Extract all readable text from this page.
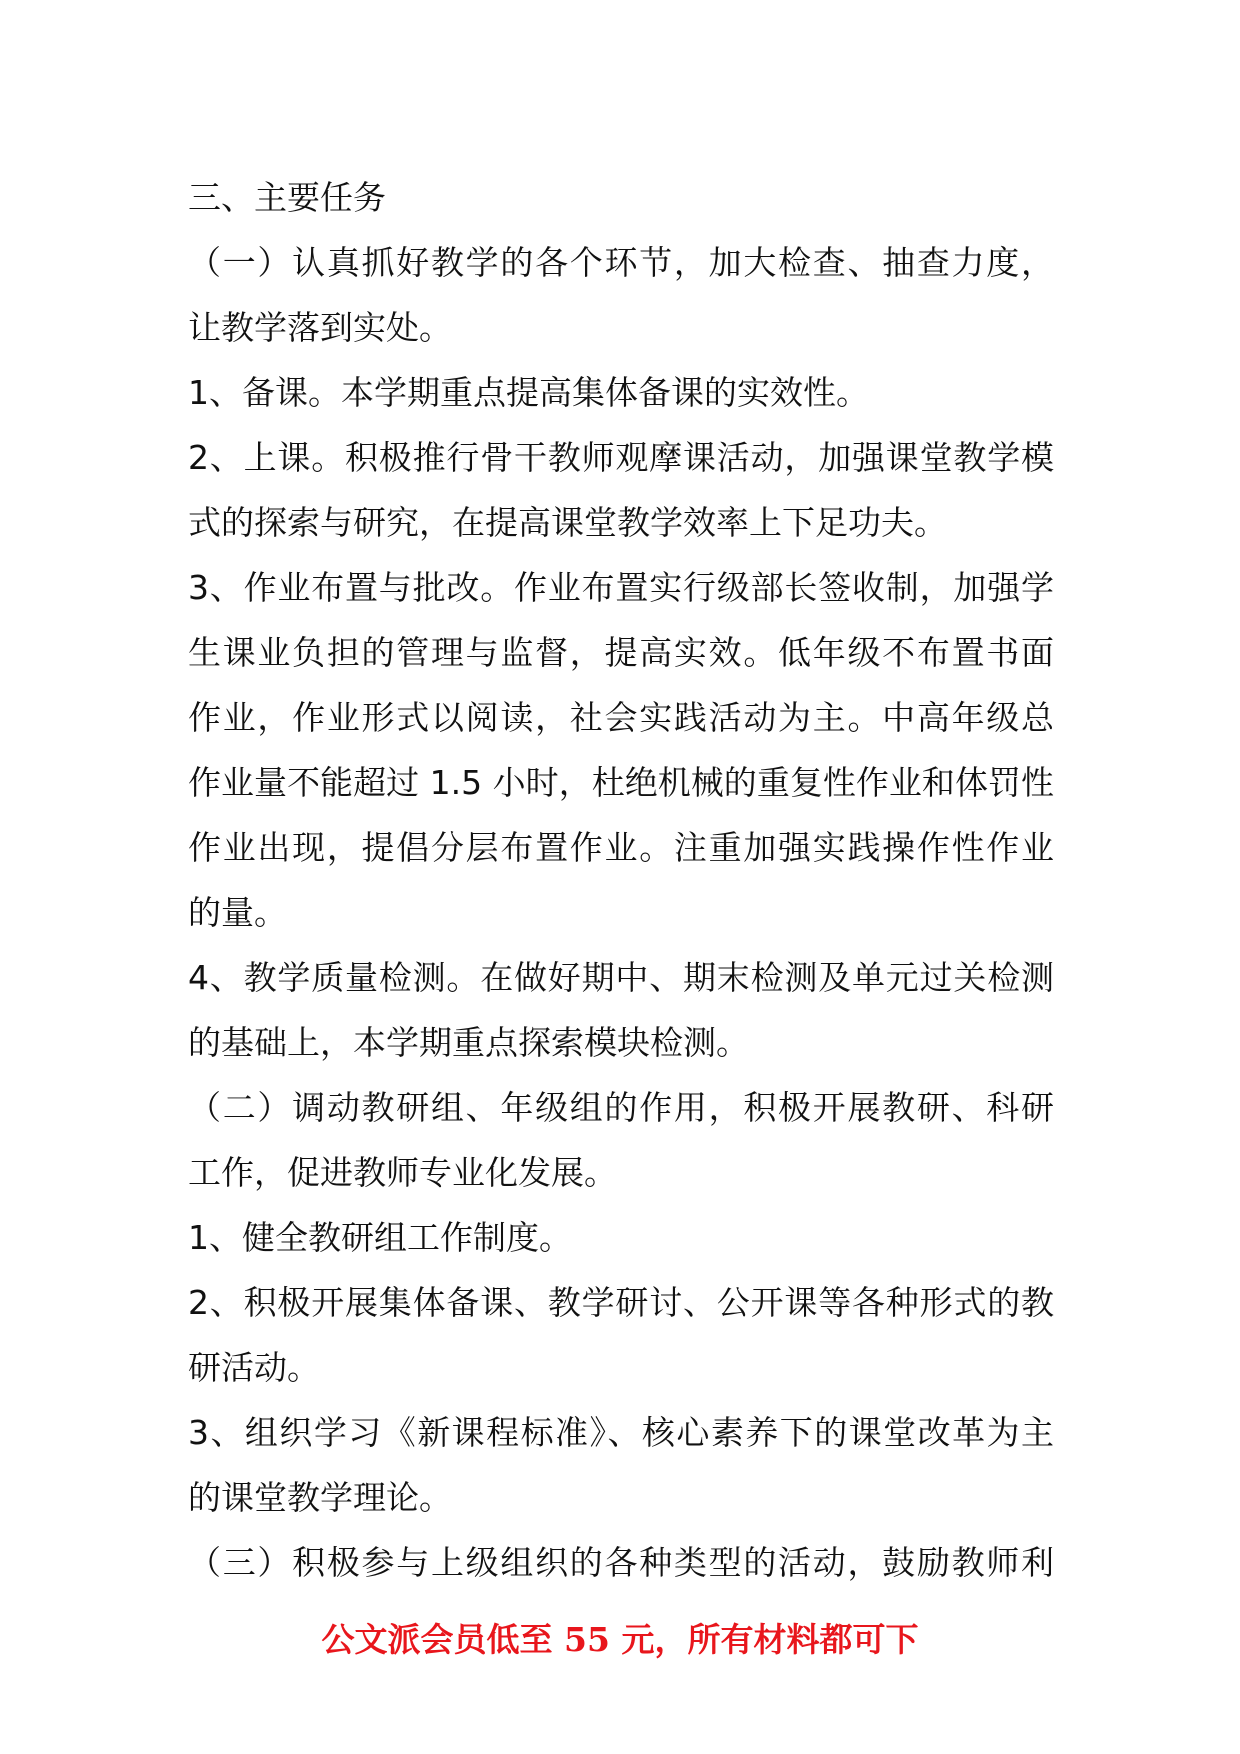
三、主要任务
（一）认真抓好教学的各个环节，加大检查、抽查力度，
让教学落到实处。
1、备课。本学期重点提高集体备课的实效性。
2、上课。积极推行骨干教师观摩课活动，加强课堂教学模
式的探索与研究，在提高课堂教学效率上下足功夫。
3、作业布置与批改。作业布置实行级部长签收制，加强学
生课业负担的管理与监督，提高实效。低年级不布置书面
作业，作业形式以阅读，社会实践活动为主。中高年级总
作业量不能超过 1.5 小时，杜绝机械的重复性作业和体罚性
作业出现，提倡分层布置作业。注重加强实践操作性作业
的量。
4、教学质量检测。在做好期中、期末检测及单元过关检测
的基础上，本学期重点探索模块检测。
（二）调动教研组、年级组的作用，积极开展教研、科研
工作，促进教师专业化发展。
1、健全教研组工作制度。
2、积极开展集体备课、教学研讨、公开课等各种形式的教
研活动。
3、组织学习《新课程标准》、核心素养下的课堂改革为主
的课堂教学理论。
（三）积极参与上级组织的各种类型的活动，鼓励教师利
公文派会员低至 55 元，所有材料都可下
